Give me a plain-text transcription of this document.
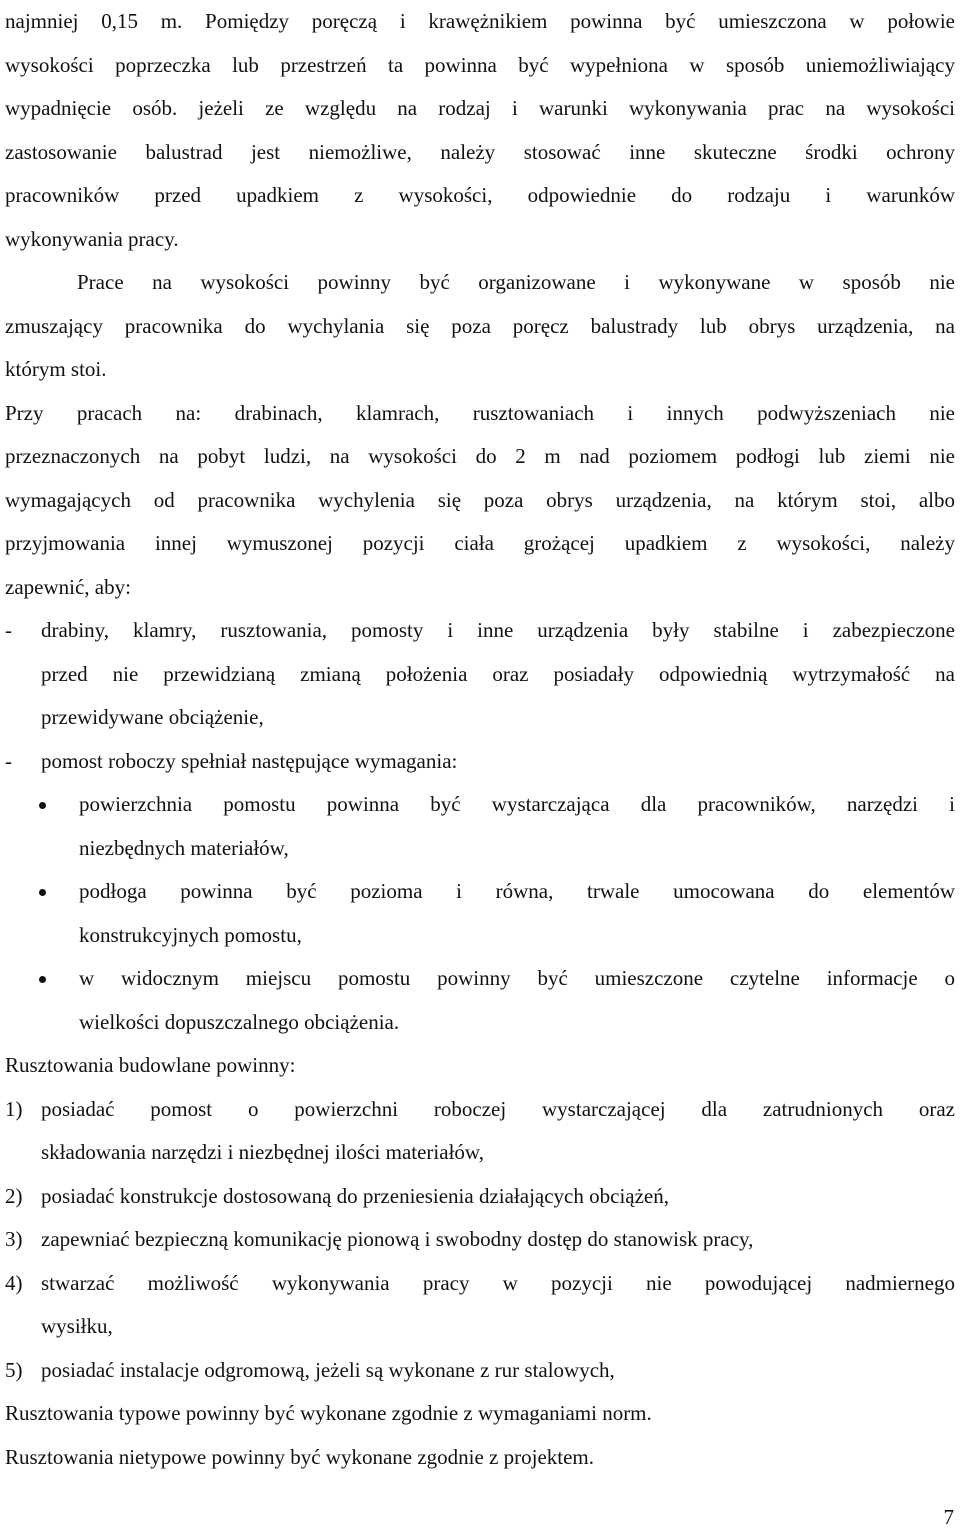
najmniej 0,15 m. Pomiędzy poręczą i krawężnikiem powinna być umieszczona w połowie

wysokości poprzeczka lub przestrzeń ta powinna być wypełniona w sposób uniemożliwiający

wypadnięcie osób. jeżeli ze względu na rodzaj i warunki wykonywania prac na wysokości

zastosowanie balustrad jest niemożliwe, należy stosować inne skuteczne środki ochrony

pracowników przed upadkiem z wysokości, odpowiednie do rodzaju i warunków

wykonywania pracy.

Prace na wysokości powinny być organizowane i wykonywane w sposób nie

zmuszający pracownika do wychylania się poza poręcz balustrady lub obrys urządzenia, na

którym stoi.

Przy pracach na: drabinach, klamrach, rusztowaniach i innych podwyższeniach nie

przeznaczonych na pobyt ludzi, na wysokości do 2 m nad poziomem podłogi lub ziemi nie

wymagających od pracownika wychylenia się poza obrys urządzenia, na którym stoi, albo

przyjmowania innej wymuszonej pozycji ciała grożącej upadkiem z wysokości, należy

zapewnić, aby:

-	drabiny, klamry, rusztowania, pomosty i inne urządzenia były stabilne i zabezpieczone
przed nie przewidzianą zmianą położenia oraz posiadały odpowiednią wytrzymałość na
przewidywane obciążenie,
-	pomost roboczy spełniał następujące wymagania:
powierzchnia pomostu powinna być wystarczająca dla pracowników, narzędzi i
niezbędnych materiałów,
podłoga powinna być pozioma i równa, trwale umocowana do elementów
konstrukcyjnych pomostu,
w widocznym miejscu pomostu powinny być umieszczone czytelne informacje o
wielkości dopuszczalnego obciążenia.

Rusztowania budowlane powinny:

1) posiadać pomost o powierzchni roboczej wystarczającej dla zatrudnionych oraz
składowania narzędzi i niezbędnej ilości materiałów,
2) posiadać konstrukcje dostosowaną do przeniesienia działających obciążeń,
3) zapewniać bezpieczną komunikację pionową i swobodny dostęp do stanowisk pracy,
4) stwarzać możliwość wykonywania pracy w pozycji nie powodującej nadmiernego
wysiłku,
5) posiadać instalacje odgromową, jeżeli są wykonane z rur stalowych,

Rusztowania typowe powinny być wykonane zgodnie z wymaganiami norm.

Rusztowania nietypowe powinny być wykonane zgodnie z projektem.

7
